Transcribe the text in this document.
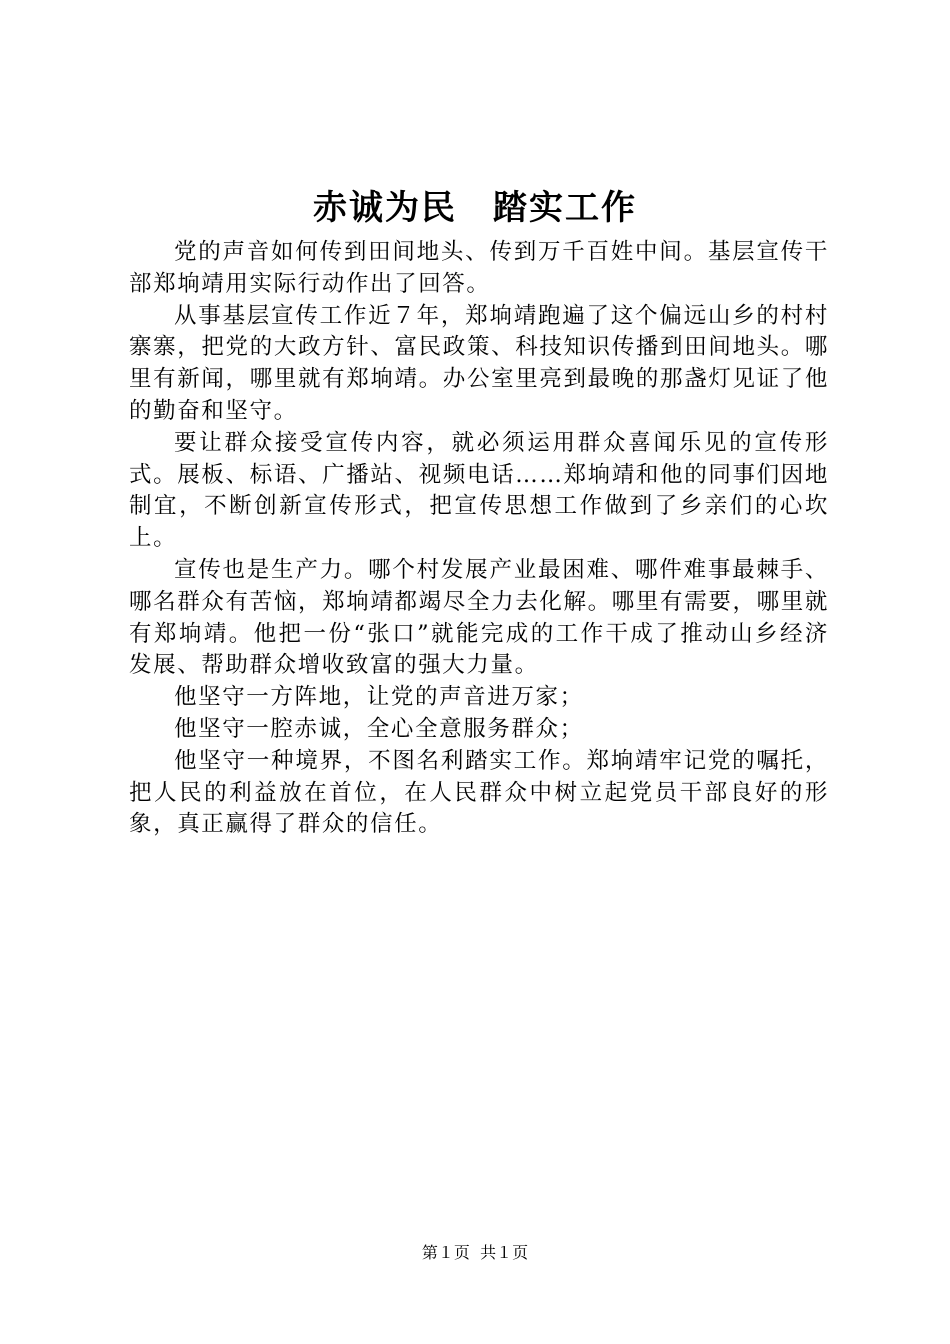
赤诚为民　踏实工作

党的声音如何传到田间地头、传到万千百姓中间。基层宣传干部郑垧靖用实际行动作出了回答。

从事基层宣传工作近７年，郑垧靖跑遍了这个偏远山乡的村村寨寨，把党的大政方针、富民政策、科技知识传播到田间地头。哪里有新闻，哪里就有郑垧靖。办公室里亮到最晚的那盏灯见证了他的勤奋和坚守。

要让群众接受宣传内容，就必须运用群众喜闻乐见的宣传形式。展板、标语、广播站、视频电话……郑垧靖和他的同事们因地制宜，不断创新宣传形式，把宣传思想工作做到了乡亲们的心坎上。

宣传也是生产力。哪个村发展产业最困难、哪件难事最棘手、哪名群众有苦恼，郑垧靖都竭尽全力去化解。哪里有需要，哪里就有郑垧靖。他把一份“张口”就能完成的工作干成了推动山乡经济发展、帮助群众增收致富的强大力量。

他坚守一方阵地，让党的声音进万家；

他坚守一腔赤诚，全心全意服务群众；

他坚守一种境界，不图名利踏实工作。郑垧靖牢记党的嘱托，把人民的利益放在首位，在人民群众中树立起党员干部良好的形象，真正赢得了群众的信任。

第１页  共１页
